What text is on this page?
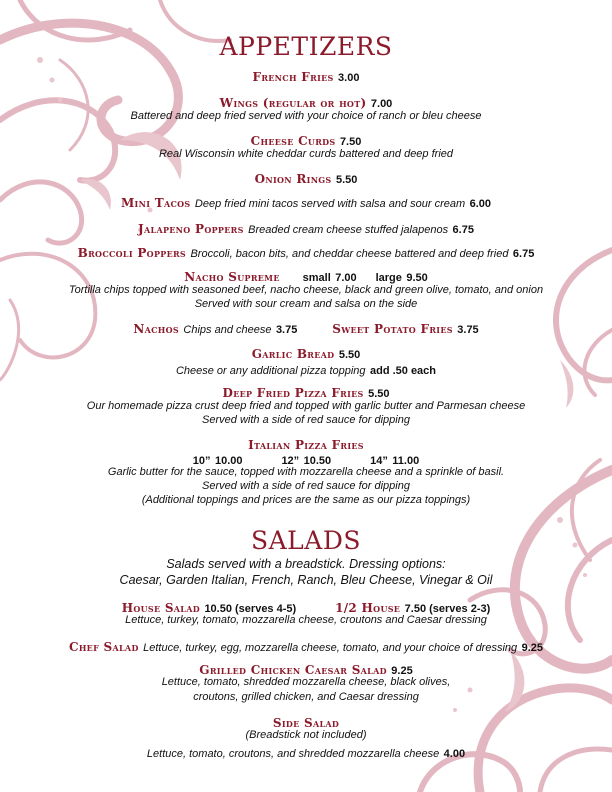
APPETIZERS
French Fries 3.00
Wings (regular or hot) 7.00
Battered and deep fried served with your choice of ranch or bleu cheese
Cheese Curds 7.50
Real Wisconsin white cheddar curds battered and deep fried
Onion Rings 5.50
Mini Tacos Deep fried mini tacos served with salsa and sour cream 6.00
Jalapeno Poppers Breaded cream cheese stuffed jalapenos 6.75
Broccoli Poppers Broccoli, bacon bits, and cheddar cheese battered and deep fried 6.75
Nacho Supreme small 7.00 large 9.50
Tortilla chips topped with seasoned beef, nacho cheese, black and green olive, tomato, and onion
Served with sour cream and salsa on the side
Nachos Chips and cheese 3.75	Sweet Potato Fries 3.75
Garlic Bread 5.50
Cheese or any additional pizza topping add .50 each
Deep Fried Pizza Fries 5.50
Our homemade pizza crust deep fried and topped with garlic butter and Parmesan cheese
Served with a side of red sauce for dipping
Italian Pizza Fries
10” 10.00	12” 10.50	14” 11.00
Garlic butter for the sauce, topped with mozzarella cheese and a sprinkle of basil.
Served with a side of red sauce for dipping
(Additional toppings and prices are the same as our pizza toppings)
SALADS
Salads served with a breadstick. Dressing options:
Caesar, Garden Italian, French, Ranch, Bleu Cheese, Vinegar & Oil
House Salad 10.50 (serves 4-5)	1/2 House 7.50 (serves 2-3)
Lettuce, turkey, tomato, mozzarella cheese, croutons and Caesar dressing
Chef Salad Lettuce, turkey, egg, mozzarella cheese, tomato, and your choice of dressing 9.25
Grilled Chicken Caesar Salad 9.25
Lettuce, tomato, shredded mozzarella cheese, black olives,
croutons, grilled chicken, and Caesar dressing
Side Salad
(Breadstick not included)
Lettuce, tomato, croutons, and shredded mozzarella cheese 4.00
